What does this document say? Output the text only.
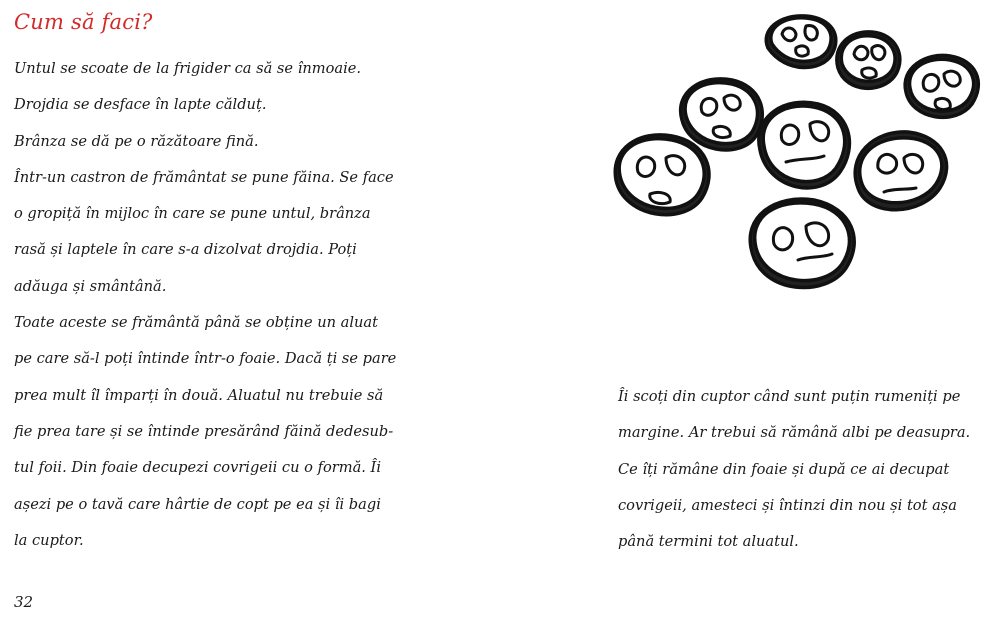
Cum să faci?
Untul se scoate de la frigider ca să se înmoaie.
Drojdia se desface în lapte călduț.
Brânza se dă pe o răzătoare fină.
Într-un castron de frământat se pune făina. Se face
o gropiță în mijloc în care se pune untul, brânza
rasă și laptele în care s-a dizolvat drojdia. Poți
adăuga și smântână.
Toate aceste se frământă până se obține un aluat
pe care să-l poți întinde într-o foaie. Dacă ți se pare
prea mult îl împarți în două. Aluatul nu trebuie să
fie prea tare și se întinde presărând făină dedesub-
tul foii. Din foaie decupezi covrigeii cu o formă. Îi
așezi pe o tavă care hârtie de copt pe ea și îi bagi
la cuptor.
32
Îi scoți din cuptor când sunt puțin rumeniți pe
margine. Ar trebui să rămână albi pe deasupra.
Ce îți rămâne din foaie și după ce ai decupat
covrigeii, amesteci și întinzi din nou și tot așa
până termini tot aluatul.
